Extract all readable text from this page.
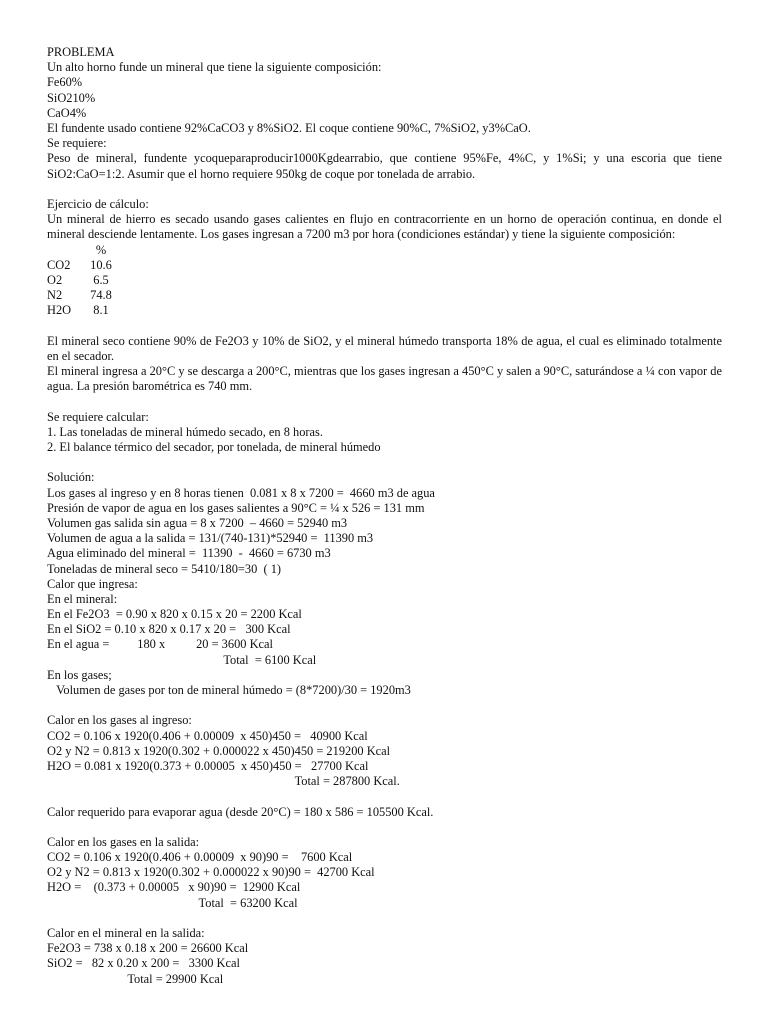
PROBLEMA
Un alto horno funde un mineral que tiene la siguiente composición:
Fe60%
SiO210%
CaO4%
El fundente usado contiene 92%CaCO3 y 8%SiO2. El coque contiene 90%C, 7%SiO2, y3%CaO.
Se requiere:
Peso de mineral, fundente ycoqueparaproducir1000Kgdearrabio, que contiene 95%Fe, 4%C, y 1%Si; y una escoria que tiene SiO2:CaO=1:2. Asumir que el horno requiere 950kg de coque por tonelada de arrabio.
Ejercicio de cálculo:
Un mineral de hierro es secado usando gases calientes en flujo en contracorriente en un horno de operación continua, en donde el mineral desciende lentamente. Los gases ingresan a 7200 m3 por hora (condiciones estándar) y tiene la siguiente composición:
%
CO2	10.6
O2	6.5
N2	74.8
H2O	8.1
El mineral seco contiene 90% de Fe2O3 y 10% de SiO2, y el mineral húmedo transporta 18% de agua, el cual es eliminado totalmente en el secador.
El mineral ingresa a 20°C y se descarga a 200°C, mientras que los gases ingresan a 450°C y salen a 90°C, saturándose a ¼ con vapor de agua. La presión barométrica es 740 mm.
Se requiere calcular:
1. Las toneladas de mineral húmedo secado, en 8 horas.
2. El balance térmico del secador, por tonelada, de mineral húmedo
Solución:
Los gases al ingreso y en 8 horas tienen  0.081 x 8 x 7200 =  4660 m3 de agua
Presión de vapor de agua en los gases salientes a 90°C = ¼ x 526 = 131 mm
Volumen gas salida sin agua = 8 x 7200  – 4660 = 52940 m3
Volumen de agua a la salida = 131/(740-131)*52940 =  11390 m3
Agua eliminado del mineral =  11390  -  4660 = 6730 m3
Toneladas de mineral seco = 5410/180=30  ( 1)
Calor que ingresa:
En el mineral:
En el Fe2O3  = 0.90 x 820 x 0.15 x 20 = 2200 Kcal
En el SiO2 = 0.10 x 820 x 0.17 x 20 =   300 Kcal
En el agua =         180 x          20 = 3600 Kcal
Total  = 6100 Kcal
En los gases;
Volumen de gases por ton de mineral húmedo = (8*7200)/30 = 1920m3
Calor en los gases al ingreso:
CO2 = 0.106 x 1920(0.406 + 0.00009  x 450)450 =   40900 Kcal
O2 y N2 = 0.813 x 1920(0.302 + 0.000022 x 450)450 = 219200 Kcal
H2O = 0.081 x 1920(0.373 + 0.00005  x 450)450 =   27700 Kcal
Total = 287800 Kcal.
Calor requerido para evaporar agua (desde 20°C) = 180 x 586 = 105500 Kcal.
Calor en los gases en la salida:
CO2 = 0.106 x 1920(0.406 + 0.00009  x 90)90 =    7600 Kcal
O2 y N2 = 0.813 x 1920(0.302 + 0.000022 x 90)90 =  42700 Kcal
H2O =    (0.373 + 0.00005   x 90)90 =  12900 Kcal
Total  = 63200 Kcal
Calor en el mineral en la salida:
Fe2O3 = 738 x 0.18 x 200 = 26600 Kcal
SiO2 =   82 x 0.20 x 200 =   3300 Kcal
Total = 29900 Kcal
